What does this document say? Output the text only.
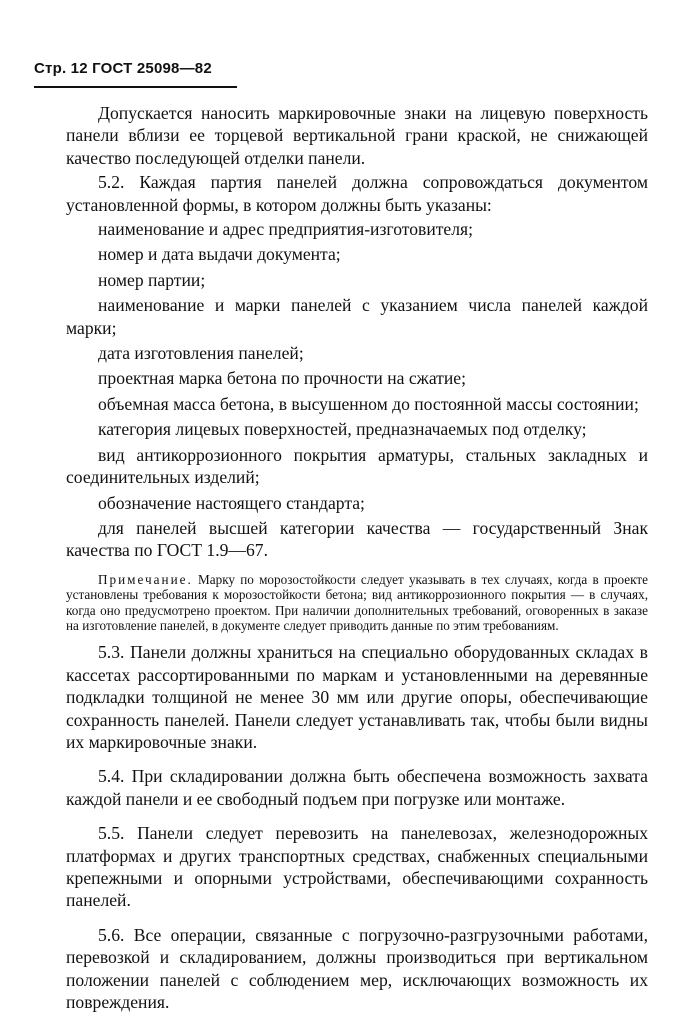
Стр. 12 ГОСТ 25098—82

Допускается наносить маркировочные знаки на лицевую поверхность панели вблизи ее торцевой вертикальной грани краской, не снижающей качество последующей отделки панели.

5.2. Каждая партия панелей должна сопровождаться документом установленной формы, в котором должны быть указаны:

наименование и адрес предприятия-изготовителя;

номер и дата выдачи документа;

номер партии;

наименование и марки панелей с указанием числа панелей каждой марки;

дата изготовления панелей;

проектная марка бетона по прочности на сжатие;

объемная масса бетона, в высушенном до постоянной массы состоянии;

категория лицевых поверхностей, предназначаемых под отделку;

вид антикоррозионного покрытия арматуры, стальных закладных и соединительных изделий;

обозначение настоящего стандарта;

для панелей высшей категории качества — государственный Знак качества по ГОСТ 1.9—67.

Примечание. Марку по морозостойкости следует указывать в тех случаях, когда в проекте установлены требования к морозостойкости бетона; вид антикоррозионного покрытия — в случаях, когда оно предусмотрено проектом. При наличии дополнительных требований, оговоренных в заказе на изготовление панелей, в документе следует приводить данные по этим требованиям.

5.3. Панели должны храниться на специально оборудованных складах в кассетах рассортированными по маркам и установленными на деревянные подкладки толщиной не менее 30 мм или другие опоры, обеспечивающие сохранность панелей. Панели следует устанавливать так, чтобы были видны их маркировочные знаки.

5.4. При складировании должна быть обеспечена возможность захвата каждой панели и ее свободный подъем при погрузке или монтаже.

5.5. Панели следует перевозить на панелевозах, железнодорожных платформах и других транспортных средствах, снабженных специальными крепежными и опорными устройствами, обеспечивающими сохранность панелей.

5.6. Все операции, связанные с погрузочно-разгрузочными работами, перевозкой и складированием, должны производиться при вертикальном положении панелей с соблюдением мер, исключающих возможность их повреждения.
